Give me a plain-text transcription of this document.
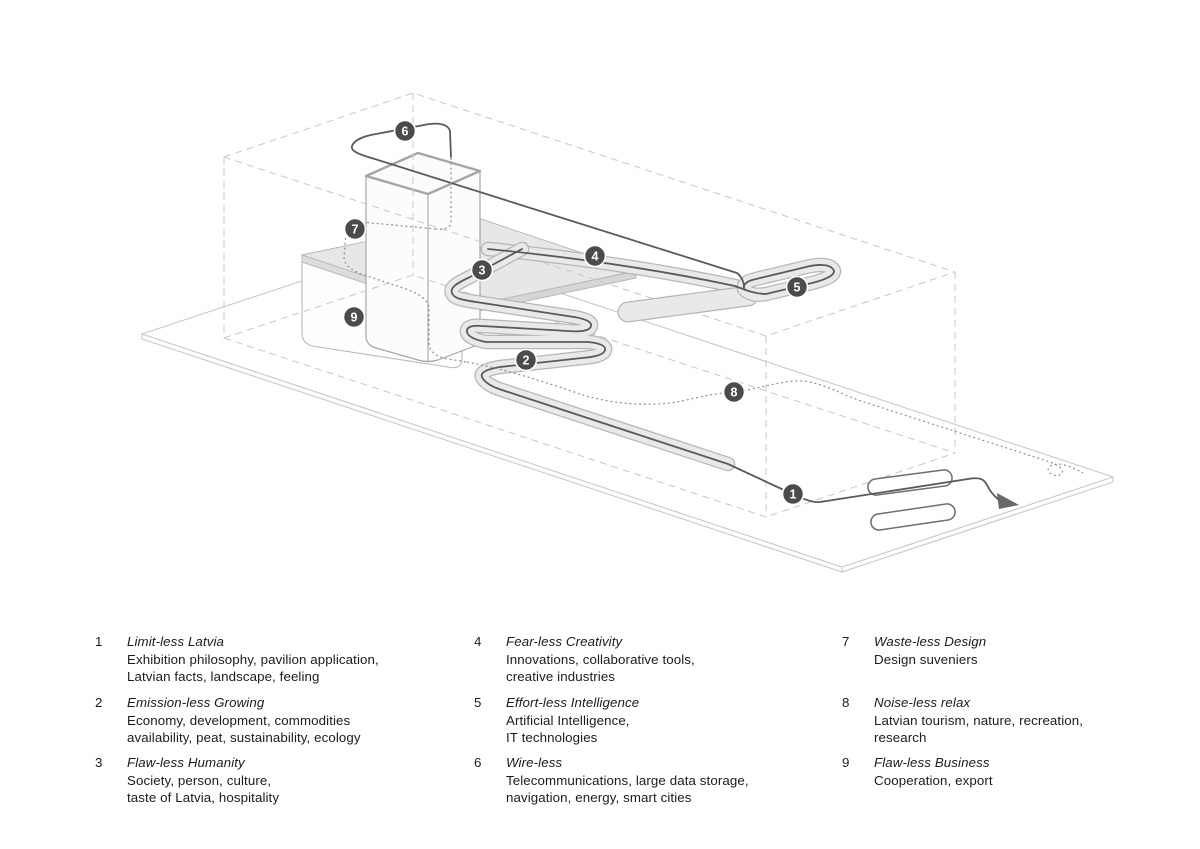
1
2
3
4
5
6
7
8
9
1	Limit-less Latvia
Exhibition philosophy, pavilion application,
Latvian facts, landscape, feeling
2	Emission-less Growing
Economy, development, commodities
availability, peat, sustainability, ecology
3	Flaw-less Humanity
Society, person, culture,
taste of Latvia, hospitality
4	Fear-less Creativity
Innovations, collaborative tools,
creative industries
5	Effort-less Intelligence
Artificial Intelligence,
IT technologies
6	Wire-less
Telecommunications, large data storage,
navigation, energy, smart cities
7	Waste-less Design
Design suveniers
8	Noise-less relax
Latvian tourism, nature, recreation,
research
9	Flaw-less Business
Cooperation, export
